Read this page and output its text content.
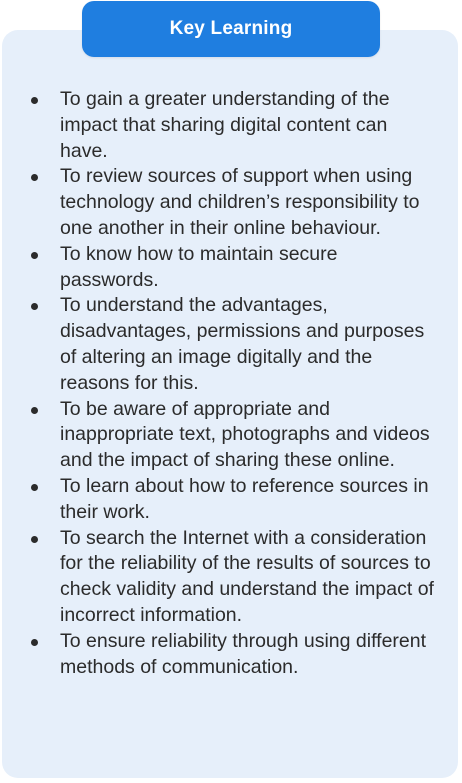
Key Learning
To gain a greater understanding of the impact that sharing digital content can have.
To review sources of support when using technology and children’s responsibility to one another in their online behaviour.
To know how to maintain secure passwords.
To understand the advantages, disadvantages, permissions and purposes of altering an image digitally and the reasons for this.
To be aware of appropriate and inappropriate text, photographs and videos and the impact of sharing these online.
To learn about how to reference sources in their work.
To search the Internet with a consideration for the reliability of the results of sources to check validity and understand the impact of incorrect information.
To ensure reliability through using different methods of communication.
